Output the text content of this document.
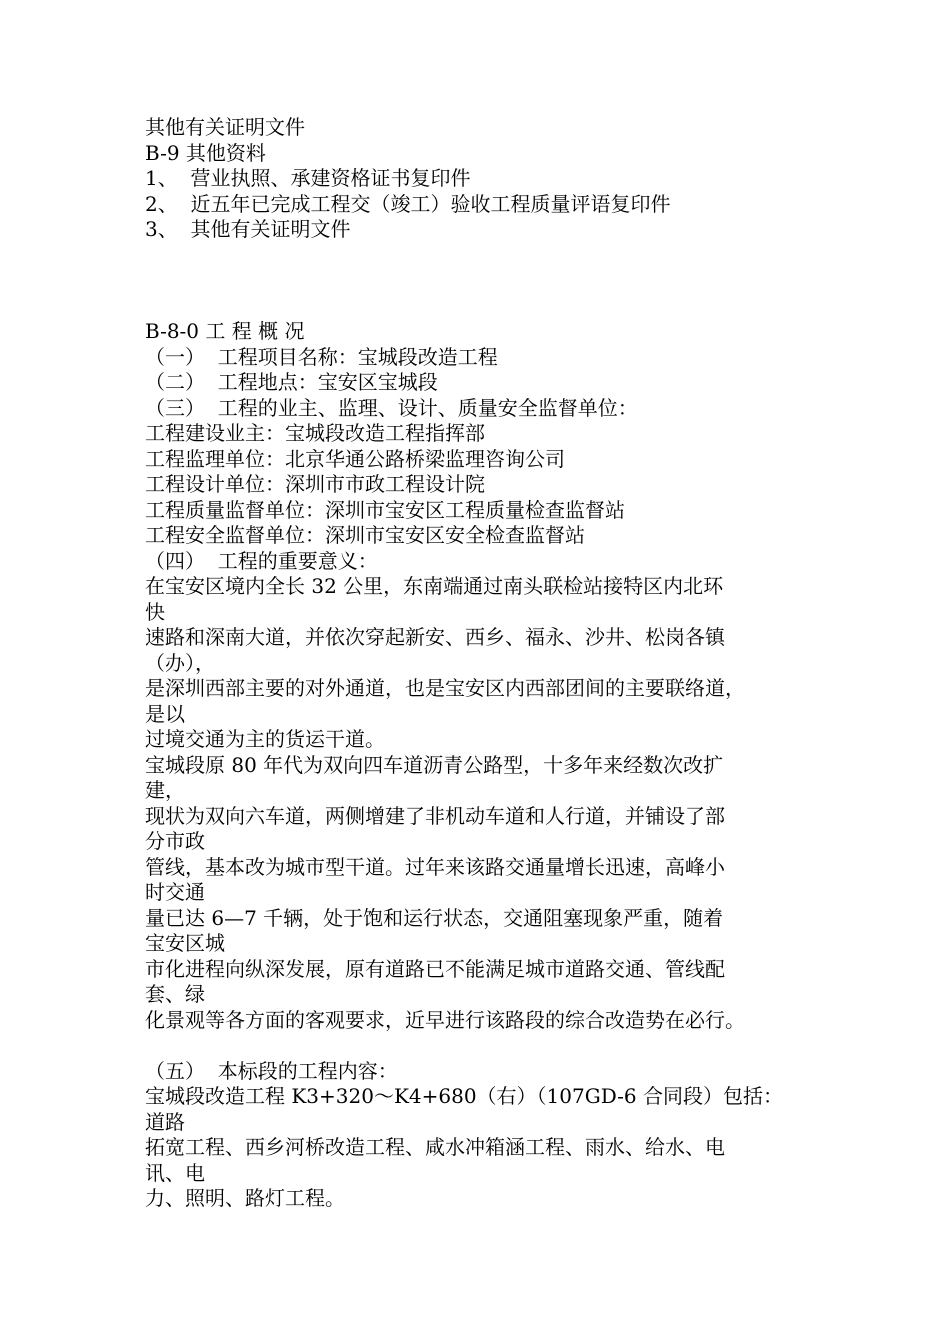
其他有关证明文件

B-9 其他资料

1、  营业执照、承建资格证书复印件

2、  近五年已完成工程交（竣工）验收工程质量评语复印件

3、  其他有关证明文件

B-8-0 工 程 概 况

（一）  工程项目名称：宝城段改造工程

（二）  工程地点：宝安区宝城段

（三）  工程的业主、监理、设计、质量安全监督单位：

工程建设业主：宝城段改造工程指挥部

工程监理单位：北京华通公路桥梁监理咨询公司

工程设计单位：深圳市市政工程设计院

工程质量监督单位：深圳市宝安区工程质量检查监督站

工程安全监督单位：深圳市宝安区安全检查监督站

（四）  工程的重要意义：

在宝安区境内全长 32 公里，东南端通过南头联检站接特区内北环

快

速路和深南大道，并依次穿起新安、西乡、福永、沙井、松岗各镇

（办），

是深圳西部主要的对外通道，也是宝安区内西部团间的主要联络道，

是以

过境交通为主的货运干道。

宝城段原 80 年代为双向四车道沥青公路型，十多年来经数次改扩

建，

现状为双向六车道，两侧增建了非机动车道和人行道，并铺设了部

分市政

管线，基本改为城市型干道。过年来该路交通量增长迅速，高峰小

时交通

量已达 6—7 千辆，处于饱和运行状态，交通阻塞现象严重，随着

宝安区城

市化进程向纵深发展，原有道路已不能满足城市道路交通、管线配

套、绿

化景观等各方面的客观要求，近早进行该路段的综合改造势在必行。

（五）  本标段的工程内容：

宝城段改造工程 K3+320～K4+680（右）（107GD-6 合同段）包括：

道路

拓宽工程、西乡河桥改造工程、咸水冲箱涵工程、雨水、给水、电

讯、电

力、照明、路灯工程。
